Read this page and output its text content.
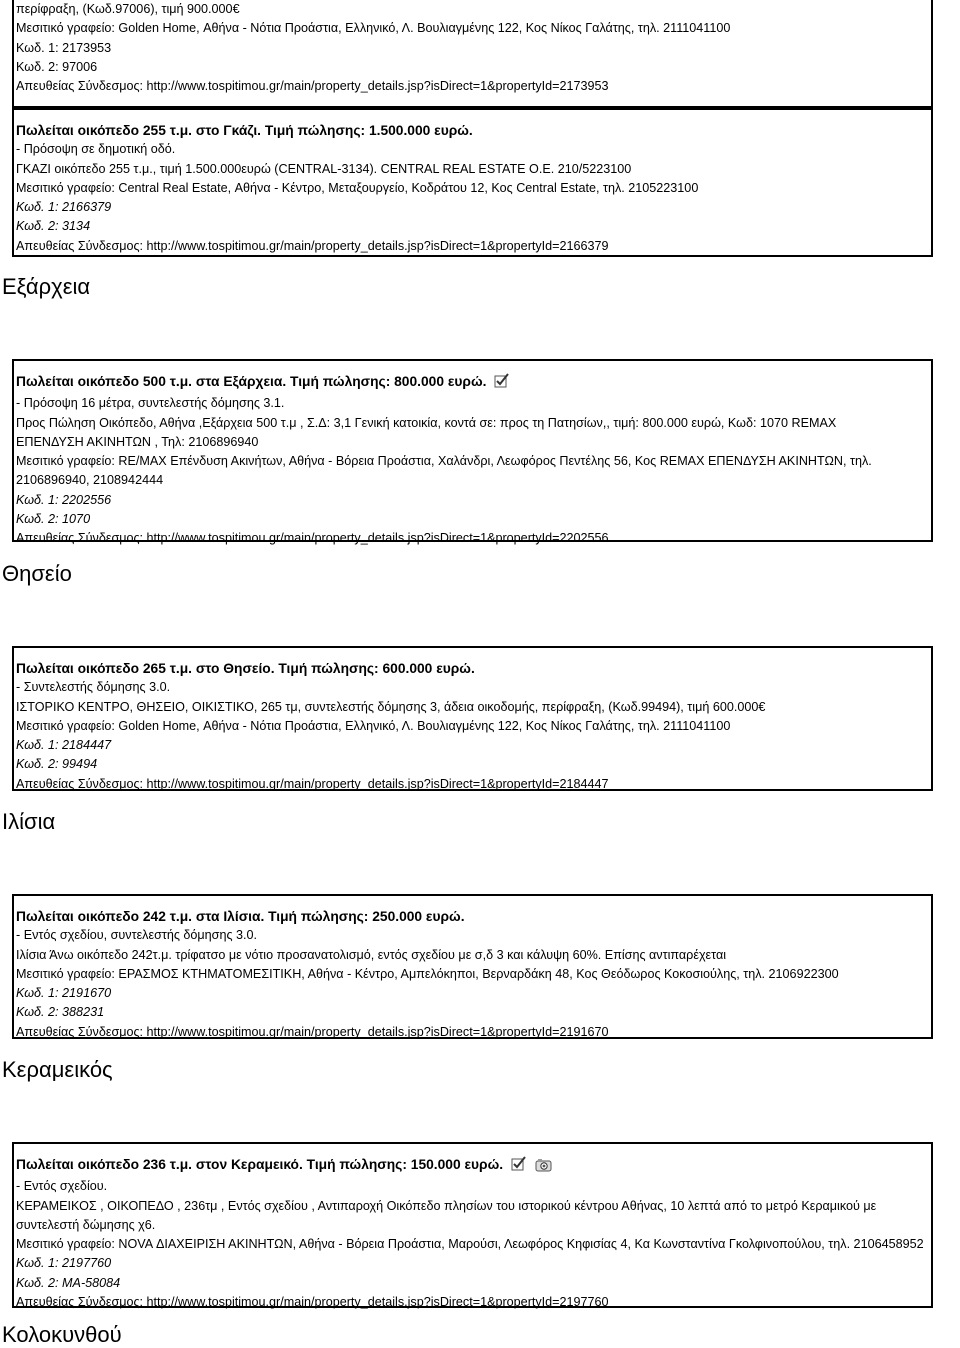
περίφραξη, (Κωδ.97006), τιμή 900.000€
Μεσιτικό γραφείο: Golden Home, Αθήνα - Νότια Προάστια, Ελληνικό, Λ. Βουλιαγμένης 122, Κος Νίκος Γαλάτης, τηλ. 2111041100
Κωδ. 1: 2173953
Κωδ. 2: 97006
Απευθείας Σύνδεσμος: http://www.tospitimou.gr/main/property_details.jsp?isDirect=1&propertyId=2173953
Πωλείται οικόπεδο 255 τ.μ. στο Γκάζι. Τιμή πώλησης: 1.500.000 ευρώ.
- Πρόσοψη σε δημοτική οδό.
ΓΚΑΖΙ οικόπεδο 255 τ.μ., τιμή 1.500.000ευρώ (CENTRAL-3134). CENTRAL REAL ESTATE O.E. 210/5223100
Μεσιτικό γραφείο: Central Real Estate, Αθήνα - Κέντρο, Μεταξουργείο, Κοδράτου 12, Κος Central Estate, τηλ. 2105223100
Κωδ. 1: 2166379
Κωδ. 2: 3134
Απευθείας Σύνδεσμος: http://www.tospitimou.gr/main/property_details.jsp?isDirect=1&propertyId=2166379
Εξάρχεια
Πωλείται οικόπεδο 500 τ.μ. στα Εξάρχεια. Τιμή πώλησης: 800.000 ευρώ.
- Πρόσοψη 16 μέτρα, συντελεστής δόμησης 3.1.
Προς Πώληση Οικόπεδο, Αθήνα ,Εξάρχεια 500 τ.μ , Σ.Δ: 3,1 Γενική κατοικία, κοντά σε: προς τη Πατησίων,, τιμή: 800.000 ευρώ, Κωδ: 1070 REMAX
ΕΠΕΝΔΥΣΗ ΑΚΙΝΗΤΩΝ , Τηλ: 2106896940
Μεσιτικό γραφείο: RE/MAX Επένδυση Ακινήτων, Αθήνα - Βόρεια Προάστια, Χαλάνδρι, Λεωφόρος Πεντέλης 56, Κος REMAX ΕΠΕΝΔΥΣΗ ΑΚΙΝΗΤΩΝ, τηλ.
2106896940, 2108942444
Κωδ. 1: 2202556
Κωδ. 2: 1070
Απευθείας Σύνδεσμος: http://www.tospitimou.gr/main/property_details.jsp?isDirect=1&propertyId=2202556
Θησείο
Πωλείται οικόπεδο 265 τ.μ. στο Θησείο. Τιμή πώλησης: 600.000 ευρώ.
- Συντελεστής δόμησης 3.0.
ΙΣΤΟΡΙΚΟ ΚΕΝΤΡΟ, ΘΗΣΕΙΟ, ΟΙΚΙΣΤΙΚΟ, 265 τμ, συντελεστής δόμησης 3, άδεια οικοδομής, περίφραξη, (Κωδ.99494), τιμή 600.000€
Μεσιτικό γραφείο: Golden Home, Αθήνα - Νότια Προάστια, Ελληνικό, Λ. Βουλιαγμένης 122, Κος Νίκος Γαλάτης, τηλ. 2111041100
Κωδ. 1: 2184447
Κωδ. 2: 99494
Απευθείας Σύνδεσμος: http://www.tospitimou.gr/main/property_details.jsp?isDirect=1&propertyId=2184447
Ιλίσια
Πωλείται οικόπεδο 242 τ.μ. στα Ιλίσια. Τιμή πώλησης: 250.000 ευρώ.
- Εντός σχεδίου, συντελεστής δόμησης 3.0.
Ιλίσια Άνω οικόπεδο 242τ.μ. τρίφατσο με νότιο προσανατολισμό, εντός σχεδίου με σ,δ 3 και κάλυψη 60%. Επίσης αντιπαρέχεται
Μεσιτικό γραφείο: ΕΡΑΣΜΟΣ ΚΤΗΜΑΤΟΜΕΣΙΤΙΚΗ, Αθήνα - Κέντρο, Αμπελόκηποι, Βερναρδάκη 48, Κος Θεόδωρος Κοκοσιούλης, τηλ. 2106922300
Κωδ. 1: 2191670
Κωδ. 2: 388231
Απευθείας Σύνδεσμος: http://www.tospitimou.gr/main/property_details.jsp?isDirect=1&propertyId=2191670
Κεραμεικός
Πωλείται οικόπεδο 236 τ.μ. στον Κεραμεικό. Τιμή πώλησης: 150.000 ευρώ.
- Εντός σχεδίου.
ΚΕΡΑΜΕΙΚΟΣ , ΟΙΚΟΠΕΔΟ , 236τμ , Εντός σχεδίου , Αντιπαροχή Οικόπεδο πλησίων του ιστορικού κέντρου Αθήνας, 10 λεπτά από το μετρό Κεραμικού με
συντελεστή δώμησης χ6.
Μεσιτικό γραφείο: NOVA ΔΙΑΧΕΙΡΙΣΗ ΑΚΙΝΗΤΩΝ, Αθήνα - Βόρεια Προάστια, Μαρούσι, Λεωφόρος Κηφισίας 4, Κα Κωνσταντίνα Γκολφινοπούλου, τηλ. 2106458952
Κωδ. 1: 2197760
Κωδ. 2: MA-58084
Απευθείας Σύνδεσμος: http://www.tospitimou.gr/main/property_details.jsp?isDirect=1&propertyId=2197760
Κολοκυνθού
